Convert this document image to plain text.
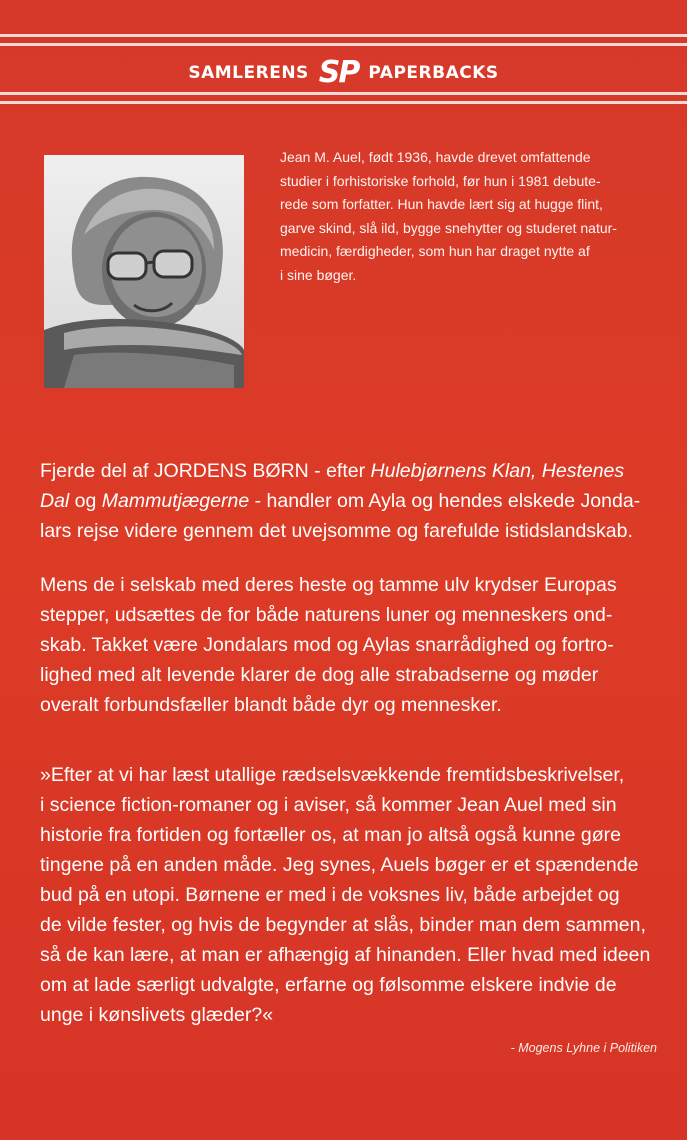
SAMLERENS SP PAPERBACKS
Jean M. Auel, født 1936, havde drevet omfattende
studier i forhistoriske forhold, før hun i 1981 debute-
rede som forfatter. Hun havde lært sig at hugge flint,
garve skind, slå ild, bygge snehytter og studeret natur-
medicin, færdigheder, som hun har draget nytte af
i sine bøger.
Fjerde del af JORDENS BØRN - efter Hulebjørnens Klan, Hestenes
Dal og Mammutjægerne - handler om Ayla og hendes elskede Jonda-
lars rejse videre gennem det uvejsomme og farefulde istidslandskab.
Mens de i selskab med deres heste og tamme ulv krydser Europas
stepper, udsættes de for både naturens luner og menneskers ond-
skab. Takket være Jondalars mod og Aylas snarrådighed og fortro-
lighed med alt levende klarer de dog alle strabadserne og møder
overalt forbundsfæller blandt både dyr og mennesker.
»Efter at vi har læst utallige rædselsvækkende fremtidsbeskrivelser,
i science fiction-romaner og i aviser, så kommer Jean Auel med sin
historie fra fortiden og fortæller os, at man jo altså også kunne gøre
tingene på en anden måde. Jeg synes, Auels bøger er et spændende
bud på en utopi. Børnene er med i de voksnes liv, både arbejdet og
de vilde fester, og hvis de begynder at slås, binder man dem sammen,
så de kan lære, at man er afhængig af hinanden. Eller hvad med ideen
om at lade særligt udvalgte, erfarne og følsomme elskere indvie de
unge i kønslivets glæder?«
- Mogens Lyhne i Politiken
